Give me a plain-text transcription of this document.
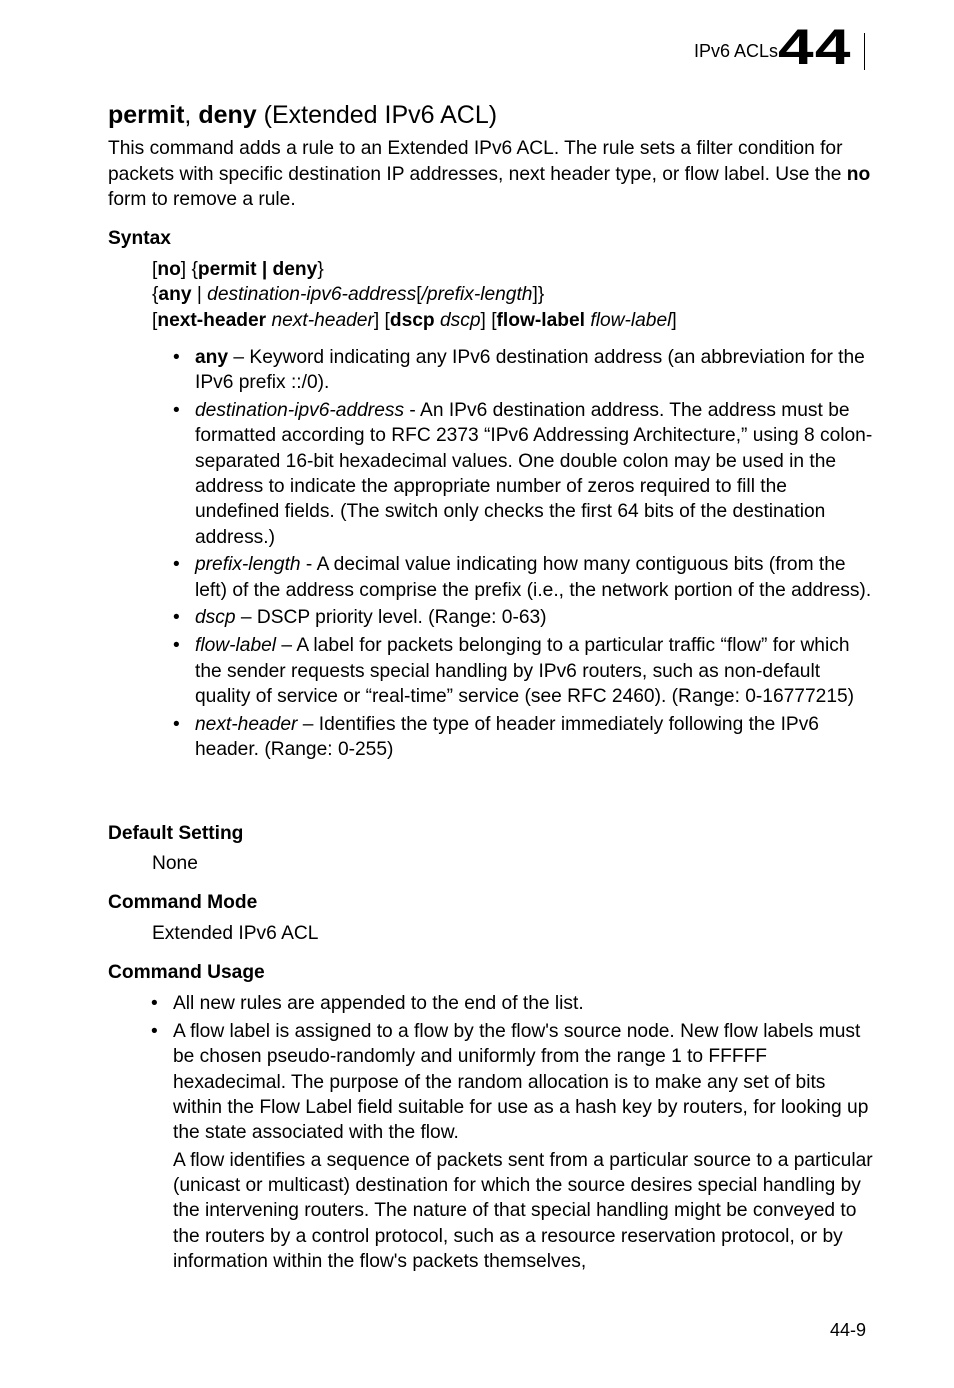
IPv6 ACLs 44
permit, deny (Extended IPv6 ACL)

This command adds a rule to an Extended IPv6 ACL. The rule sets a filter condition for packets with specific destination IP addresses, next header type, or flow label. Use the no form to remove a rule.

Syntax
[no] {permit | deny}
{any | destination-ipv6-address[/prefix-length]}
[next-header next-header] [dscp dscp] [flow-label flow-label]
• any – Keyword indicating any IPv6 destination address (an abbreviation for the IPv6 prefix ::/0).
• destination-ipv6-address - An IPv6 destination address. The address must be formatted according to RFC 2373 “IPv6 Addressing Architecture,” using 8 colon-separated 16-bit hexadecimal values. One double colon may be used in the address to indicate the appropriate number of zeros required to fill the undefined fields. (The switch only checks the first 64 bits of the destination address.)
• prefix-length - A decimal value indicating how many contiguous bits (from the left) of the address comprise the prefix (i.e., the network portion of the address).
• dscp – DSCP priority level. (Range: 0-63)
• flow-label – A label for packets belonging to a particular traffic “flow” for which the sender requests special handling by IPv6 routers, such as non-default quality of service or “real-time” service (see RFC 2460). (Range: 0-16777215)
• next-header – Identifies the type of header immediately following the IPv6 header. (Range: 0-255)
Default Setting

None

Command Mode

Extended IPv6 ACL

Command Usage
• All new rules are appended to the end of the list.
• A flow label is assigned to a flow by the flow's source node. New flow labels must be chosen pseudo-randomly and uniformly from the range 1 to FFFFF hexadecimal. The purpose of the random allocation is to make any set of bits within the Flow Label field suitable for use as a hash key by routers, for looking up the state associated with the flow.

A flow identifies a sequence of packets sent from a particular source to a particular (unicast or multicast) destination for which the source desires special handling by the intervening routers. The nature of that special handling might be conveyed to the routers by a control protocol, such as a resource reservation protocol, or by information within the flow's packets themselves,

44-9
